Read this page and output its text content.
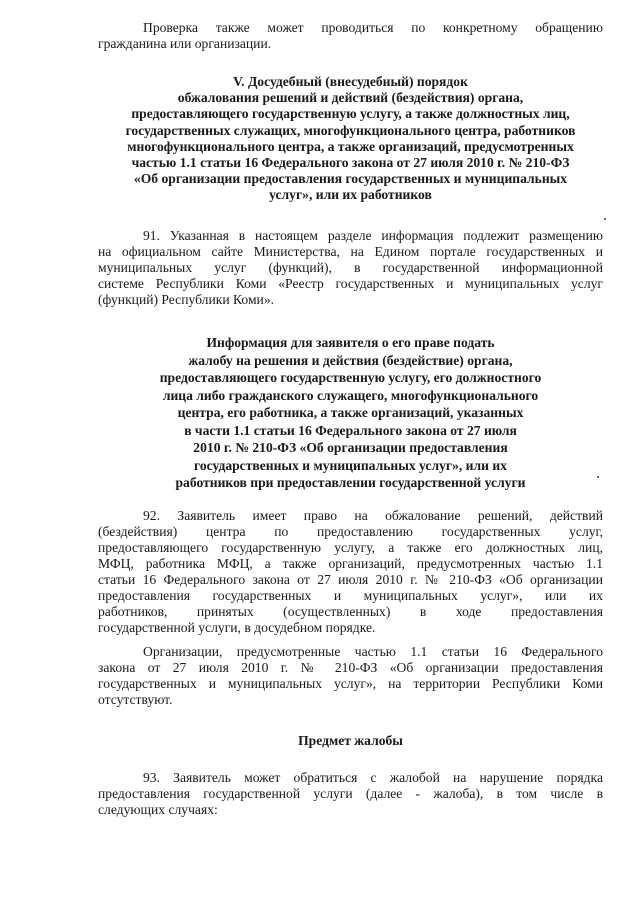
Проверка также может проводиться по конкретному обращению
гражданина или организации.
V. Досудебный (внесудебный) порядок
обжалования решений и действий (бездействия) органа,
предоставляющего государственную услугу, а также должностных лиц,
государственных служащих, многофункционального центра, работников
многофункционального центра, а также организаций, предусмотренных
частью 1.1 статьи 16 Федерального закона от 27 июля 2010 г. № 210-ФЗ
«Об организации предоставления государственных и муниципальных
услуг», или их работников
91. Указанная в настоящем разделе информация подлежит размещению
на официальном сайте Министерства, на Едином портале государственных и
муниципальных услуг (функций), в государственной информационной
системе Республики Коми «Реестр государственных и муниципальных услуг
(функций) Республики Коми».
Информация для заявителя о его праве подать
жалобу на решения и действия (бездействие) органа,
предоставляющего государственную услугу, его должностного
лица либо гражданского служащего, многофункционального
центра, его работника, а также организаций, указанных
в части 1.1 статьи 16 Федерального закона от 27 июля
2010 г. № 210-ФЗ «Об организации предоставления
государственных и муниципальных услуг», или их
работников при предоставлении государственной услуги
92. Заявитель имеет право на обжалование решений, действий
(бездействия) центра по предоставлению государственных услуг,
предоставляющего государственную услугу, а также его должностных лиц,
МФЦ, работника МФЦ, а также организаций, предусмотренных частью 1.1
статьи 16 Федерального закона от 27 июля 2010 г. № 210-ФЗ «Об организации
предоставления государственных и муниципальных услуг», или их
работников, принятых (осуществленных) в ходе предоставления
государственной услуги, в досудебном порядке.
Организации, предусмотренные частью 1.1 статьи 16 Федерального
закона от 27 июля 2010 г. № 210-ФЗ «Об организации предоставления
государственных и муниципальных услуг», на территории Республики Коми
отсутствуют.
Предмет жалобы
93. Заявитель может обратиться с жалобой на нарушение порядка
предоставления государственной услуги (далее - жалоба), в том числе в
следующих случаях:
